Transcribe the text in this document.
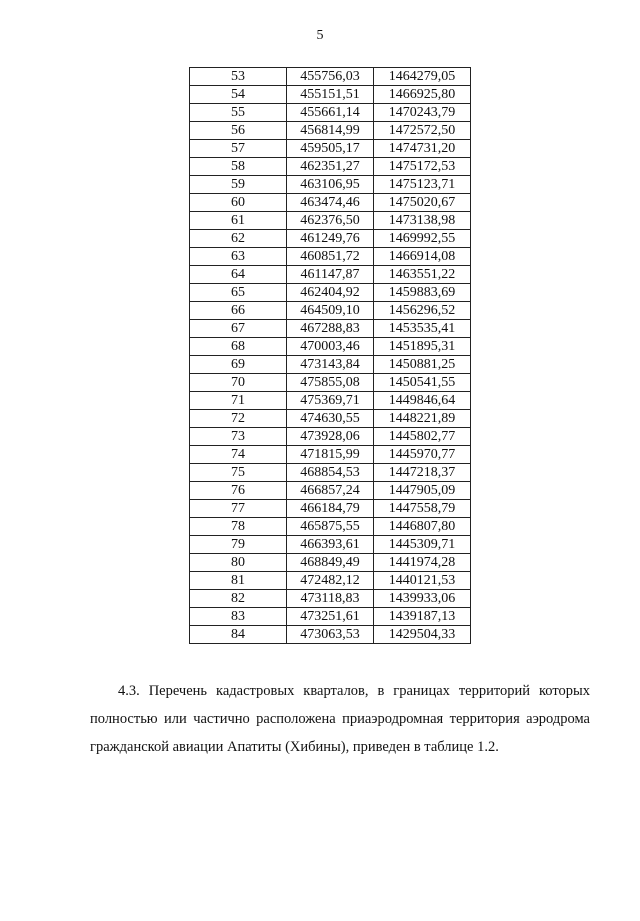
5
53	455756,03	1464279,05
54	455151,51	1466925,80
55	455661,14	1470243,79
56	456814,99	1472572,50
57	459505,17	1474731,20
58	462351,27	1475172,53
59	463106,95	1475123,71
60	463474,46	1475020,67
61	462376,50	1473138,98
62	461249,76	1469992,55
63	460851,72	1466914,08
64	461147,87	1463551,22
65	462404,92	1459883,69
66	464509,10	1456296,52
67	467288,83	1453535,41
68	470003,46	1451895,31
69	473143,84	1450881,25
70	475855,08	1450541,55
71	475369,71	1449846,64
72	474630,55	1448221,89
73	473928,06	1445802,77
74	471815,99	1445970,77
75	468854,53	1447218,37
76	466857,24	1447905,09
77	466184,79	1447558,79
78	465875,55	1446807,80
79	466393,61	1445309,71
80	468849,49	1441974,28
81	472482,12	1440121,53
82	473118,83	1439933,06
83	473251,61	1439187,13
84	473063,53	1429504,33
4.3. Перечень кадастровых кварталов, в границах территорий которых
полностью или частично расположена приаэродромная территория аэродрома
гражданской авиации Апатиты (Хибины), приведен в таблице 1.2.
